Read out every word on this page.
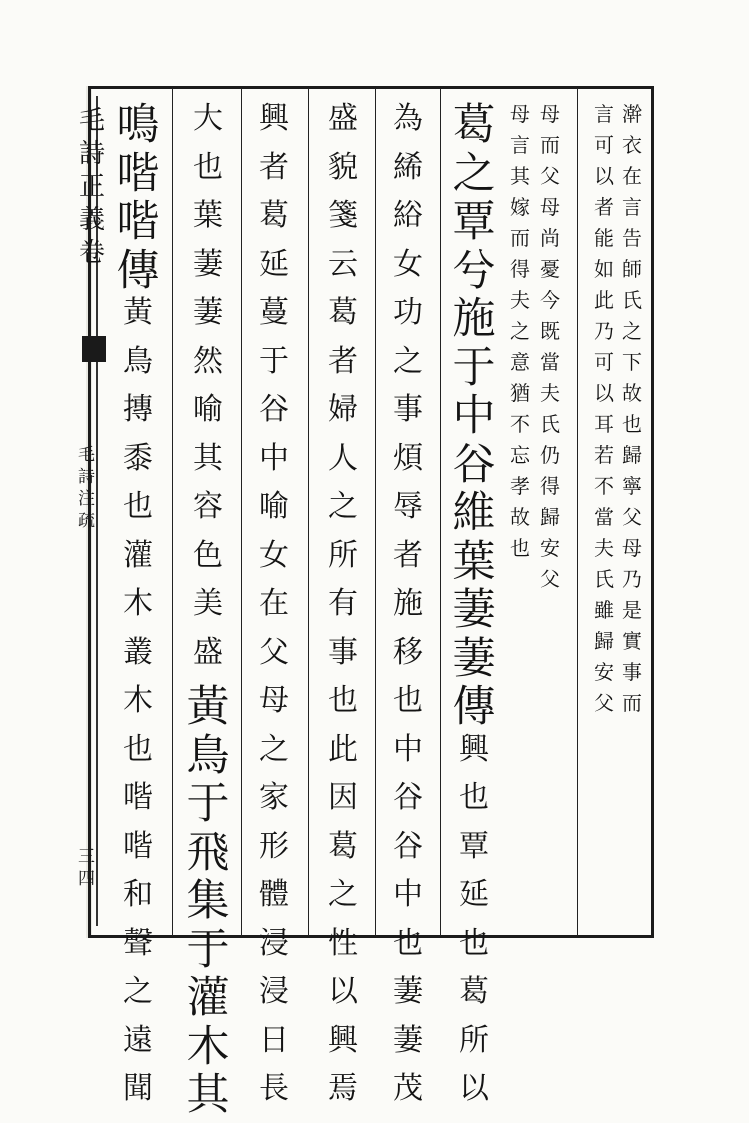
毛
詩
正
義
卷
毛
詩
注
疏
三
四
澣
衣
在
言
告
師
氏
之
下
故
也
歸
寧
父
母
乃
是
實
事
而
言
可
以
者
能
如
此
乃
可
以
耳
若
不
當
夫
氏
雖
歸
安
父
母
而
父
母
尚
憂
今
既
當
夫
氏
仍
得
歸
安
父
母
言
其
嫁
而
得
夫
之
意
猶
不
忘
孝
故
也
葛
之
覃
兮
施
于
中
谷
維
葉
萋
萋
傳
興
也
覃
延
也
葛
所
以
為
絺
綌
女
功
之
事
煩
辱
者
施
移
也
中
谷
谷
中
也
萋
萋
茂
盛
貌
箋
云
葛
者
婦
人
之
所
有
事
也
此
因
葛
之
性
以
興
焉
興
者
葛
延
蔓
于
谷
中
喻
女
在
父
母
之
家
形
體
浸
浸
日
長
大
也
葉
萋
萋
然
喻
其
容
色
美
盛
黃
鳥
于
飛
集
于
灌
木
其
鳴
喈
喈
傳
黃
鳥
摶
黍
也
灌
木
叢
木
也
喈
喈
和
聲
之
遠
聞
